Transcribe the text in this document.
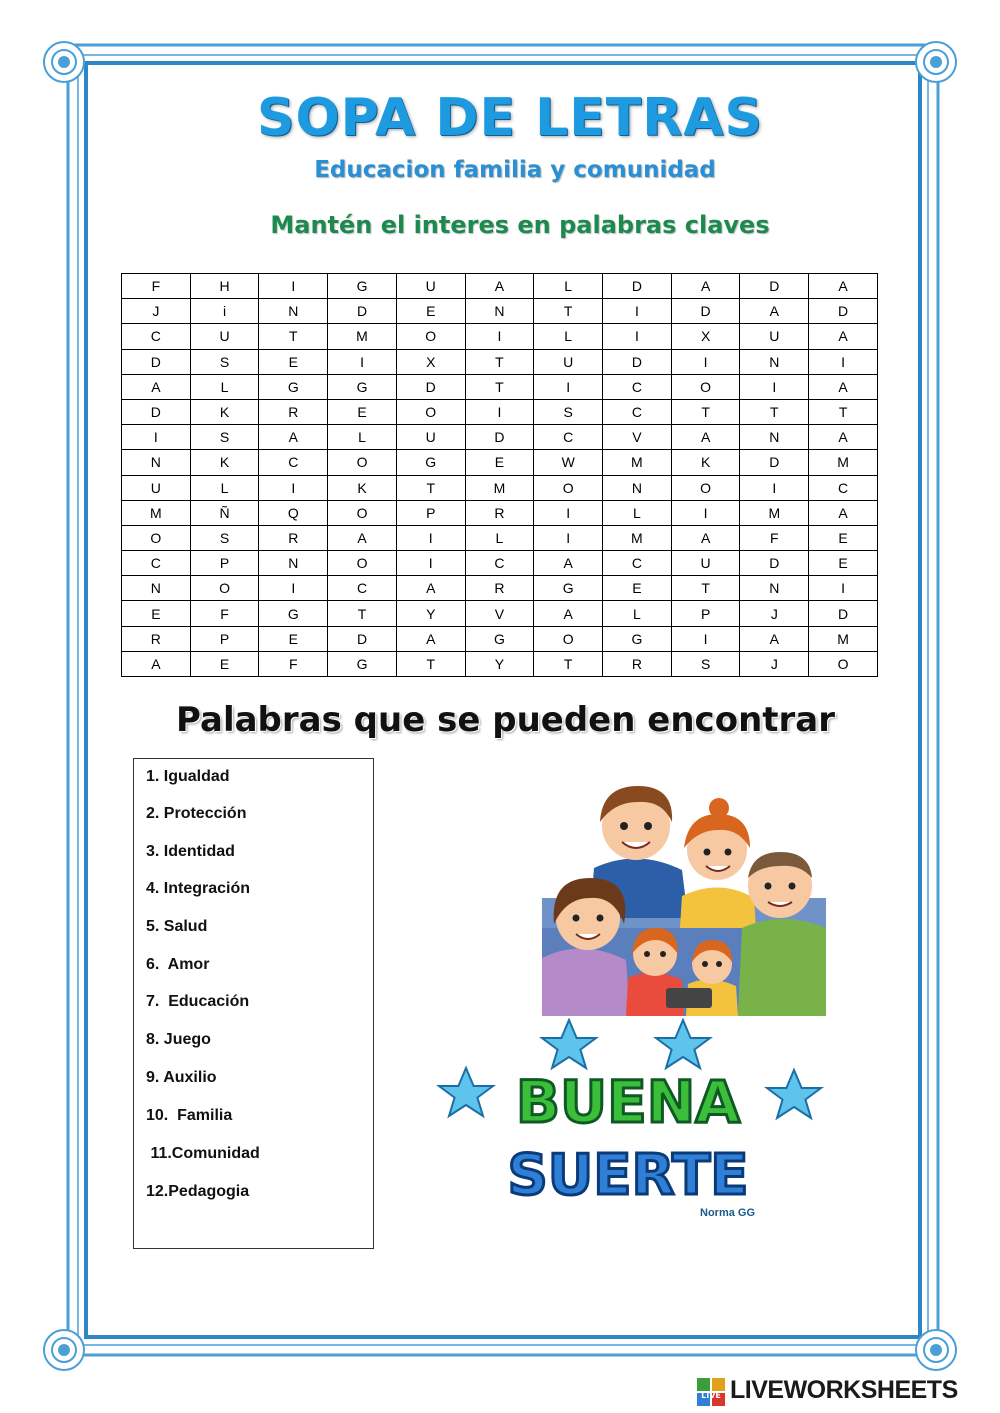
SOPA DE LETRAS
Educacion familia y comunidad
Mantén el interes en palabras claves
F	H	I	G	U	A	L	D	A	D	A
J	i	N	D	E	N	T	I	D	A	D
C	U	T	M	O	I	L	I	X	U	A
D	S	E	I	X	T	U	D	I	N	I
A	L	G	G	D	T	I	C	O	I	A
D	K	R	E	O	I	S	C	T	T	T
I	S	A	L	U	D	C	V	A	N	A
N	K	C	O	G	E	W	M	K	D	M
U	L	I	K	T	M	O	N	O	I	C
M	Ñ	Q	O	P	R	I	L	I	M	A
O	S	R	A	I	L	I	M	A	F	E
C	P	N	O	I	C	A	C	U	D	E
N	O	I	C	A	R	G	E	T	N	I
E	F	G	T	Y	V	A	L	P	J	D
R	P	E	D	A	G	O	G	I	A	M
A	E	F	G	T	Y	T	R	S	J	O
Palabras que se pueden encontrar
1. Igualdad
2. Protección
3. Identidad
4. Integración
5. Salud
6.  Amor
7.  Educación
8. Juego
9. Auxilio
10.  Familia
11.Comunidad
12.Pedagogia
BUENA
SUERTE
Norma GG
LIVE LIVEWORKSHEETS
